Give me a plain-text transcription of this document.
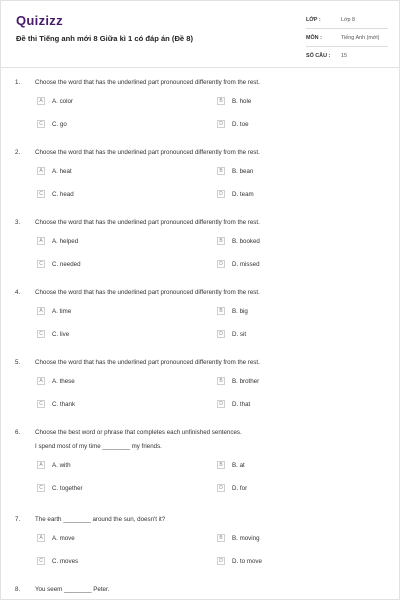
Quizizz
Đề thi Tiếng anh mới 8 Giữa kì 1 có đáp án (Đề 8)
LỚP :	Lớp 8
MÔN :	Tiếng Anh (mới)
SỐ CÂU :	15
1. Choose the word that has the underlined part pronounced differently from the rest.
A	A. color	B	B. hole
C	C. go	D	D. toe
2. Choose the word that has the underlined part pronounced differently from the rest.
A	A. heat	B	B. bean
C	C. head	D	D. team
3. Choose the word that has the underlined part pronounced differently from the rest.
A	A. helped	B	B. booked
C	C. needed	D	D. missed
4. Choose the word that has the underlined part pronounced differently from the rest.
A	A. time	B	B. big
C	C. live	D	D. sit
5. Choose the word that has the underlined part pronounced differently from the rest.
A	A. these	B	B. brother
C	C. thank	D	D. that
6. Choose the best word or phrase that completes each unfinished sentences.
I spend most of my time ________ my friends.
A	A. with	B	B. at
C	C. together	D	D. for
7. The earth ________ around the sun, doesn't it?
A	A. move	B	B. moving
C	C. moves	D	D. to move
8. You seem ________ Peter.
